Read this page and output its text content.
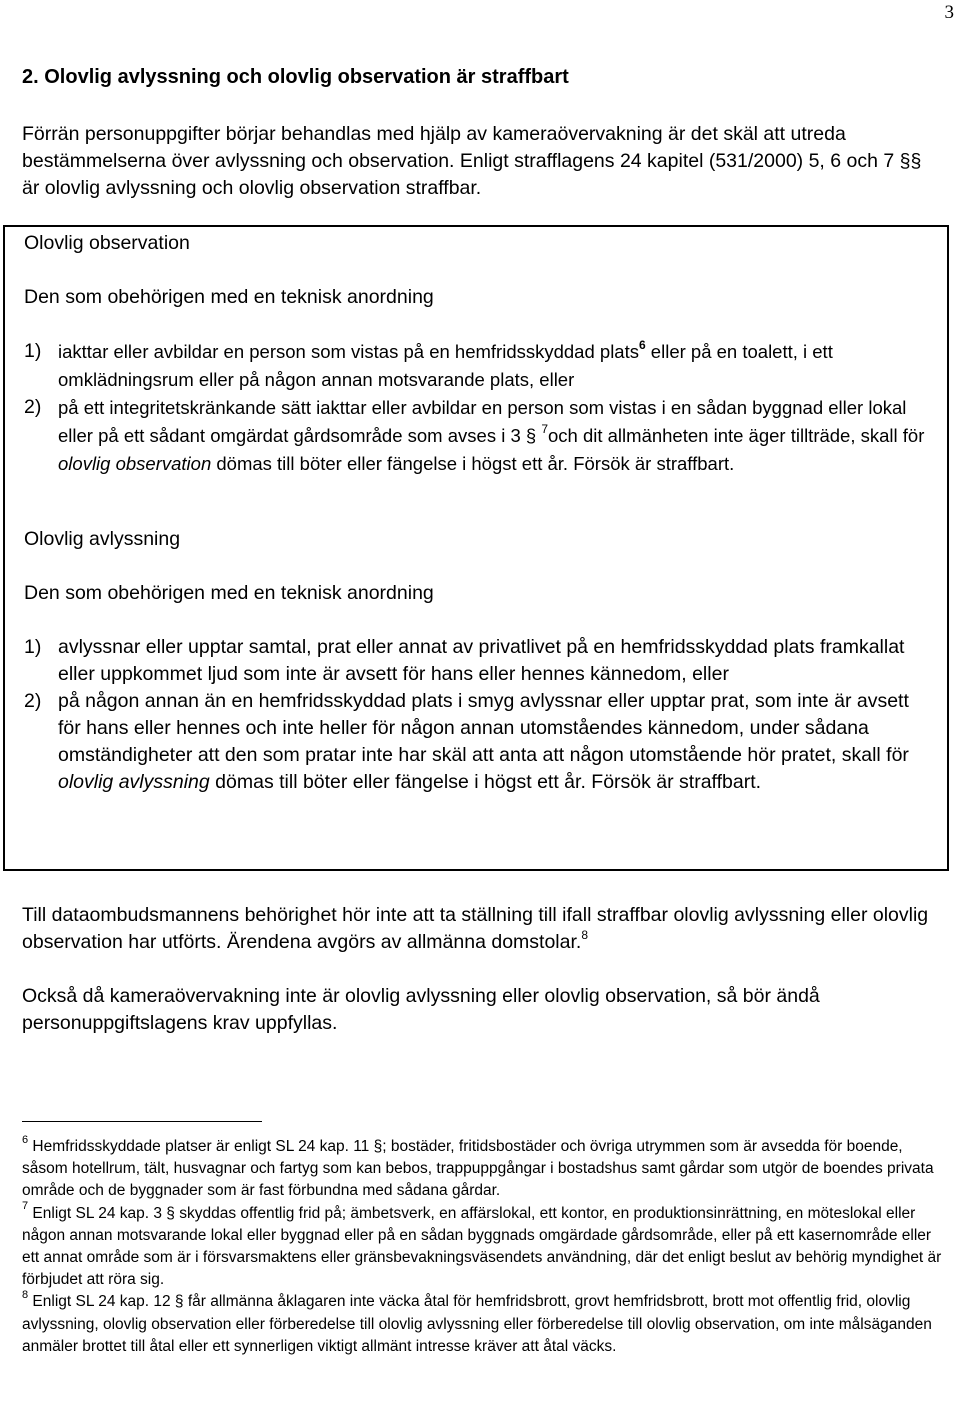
3
2. Olovlig avlyssning och olovlig observation är straffbart

Förrän personuppgifter börjar behandlas med hjälp av kameraövervakning är det skäl att utreda bestämmelserna över avlyssning och observation. Enligt strafflagens 24 kapitel (531/2000) 5, 6 och 7 §§ är olovlig avlyssning och olovlig observation straffbar.

Olovlig observation
Den som obehörigen med en teknisk anordning
1) iakttar eller avbildar en person som vistas på en hemfridsskyddad plats$^6$ eller på en toalett, i ett omklädningsrum eller på någon annan motsvarande plats, eller
2) på ett integritetskränkande sätt iakttar eller avbildar en person som vistas i en sådan byggnad eller lokal eller på ett sådant omgärdat gårdsområde som avses i 3 § $^7$och dit allmänheten inte äger tillträde, skall för olovlig observation dömas till böter eller fängelse i högst ett år. Försök är straffbart.
Olovlig avlyssning
Den som obehörigen med en teknisk anordning
1) avlyssnar eller upptar samtal, prat eller annat av privatlivet på en hemfridsskyddad plats framkallat eller uppkommet ljud som inte är avsett för hans eller hennes kännedom, eller
2) på någon annan än en hemfridsskyddad plats i smyg avlyssnar eller upptar prat, som inte är avsett för hans eller hennes och inte heller för någon annan utomståendes kännedom, under sådana omständigheter att den som pratar inte har skäl att anta att någon utomstående hör pratet, skall för olovlig avlyssning dömas till böter eller fängelse i högst ett år. Försök är straffbart.

Till dataombudsmannens behörighet hör inte att ta ställning till ifall straffbar olovlig avlyssning eller olovlig observation har utförts. Ärendena avgörs av allmänna domstolar.$^8$

Också då kameraövervakning inte är olovlig avlyssning eller olovlig observation, så bör ändå personuppgiftslagens krav uppfyllas.

$^6$ Hemfridsskyddade platser är enligt SL 24 kap. 11 §; bostäder, fritidsbostäder och övriga utrymmen som är avsedda för boende, såsom hotellrum, tält, husvagnar och fartyg som kan bebos, trappuppgångar i bostadshus samt gårdar som utgör de boendes privata område och de byggnader som är fast förbundna med sådana gårdar.

$^7$ Enligt SL 24 kap. 3 § skyddas offentlig frid på; ämbetsverk, en affärslokal, ett kontor, en produktionsinrättning, en möteslokal eller någon annan motsvarande lokal eller byggnad eller på en sådan byggnads omgärdade gårdsområde, eller på ett kasernområde eller ett annat område som är i försvarsmaktens eller gränsbevakningsväsendets användning, där det enligt beslut av behörig myndighet är förbjudet att röra sig.

$^8$ Enligt SL 24 kap. 12 § får allmänna åklagaren inte väcka åtal för hemfridsbrott, grovt hemfridsbrott, brott mot offentlig frid, olovlig avlyssning, olovlig observation eller förberedelse till olovlig avlyssning eller förberedelse till olovlig observation, om inte målsäganden anmäler brottet till åtal eller ett synnerligen viktigt allmänt intresse kräver att åtal väcks.
